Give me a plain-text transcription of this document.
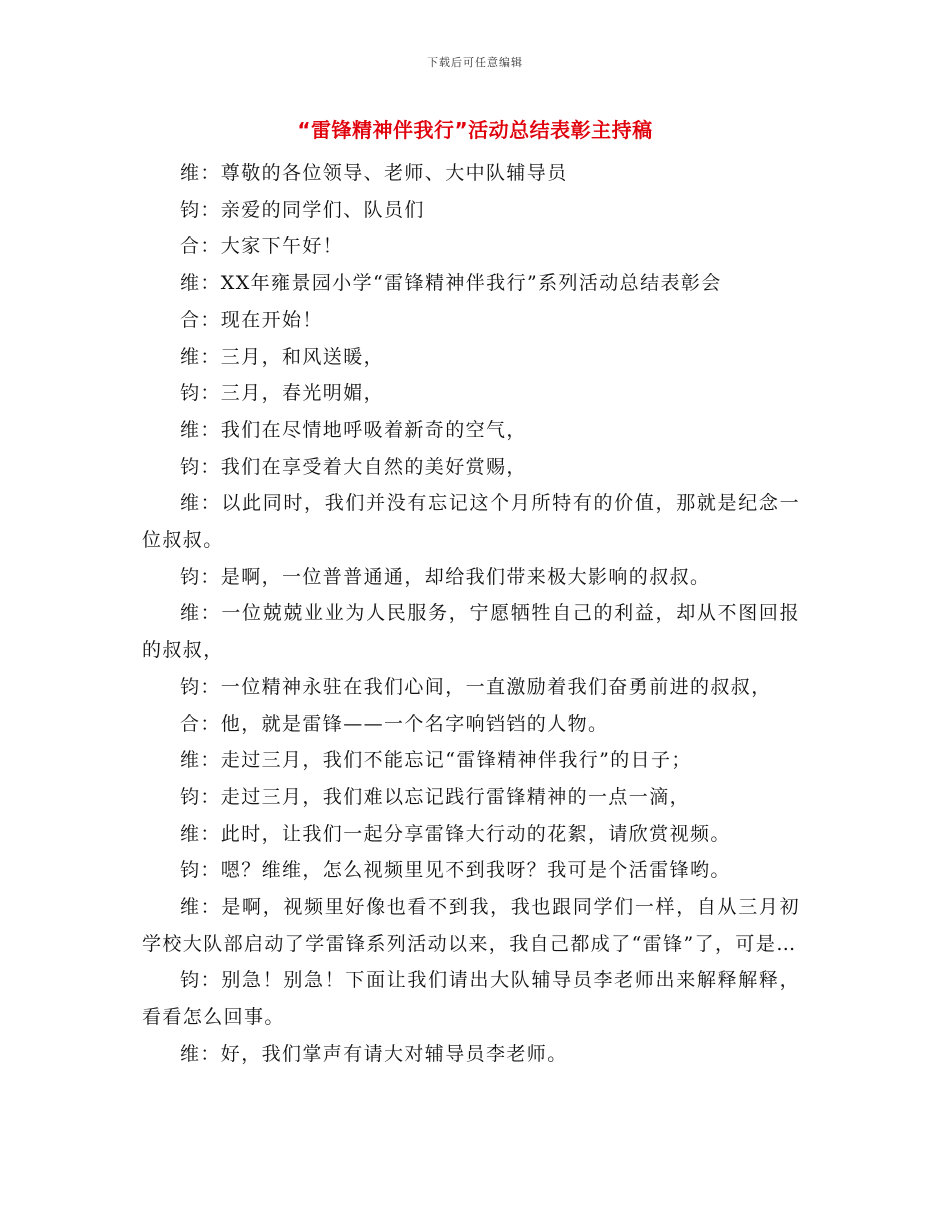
下载后可任意编辑
“雷锋精神伴我行”活动总结表彰主持稿

维：尊敬的各位领导、老师、大中队辅导员

钧：亲爱的同学们、队员们

合：大家下午好！

维：XX年雍景园小学“雷锋精神伴我行”系列活动总结表彰会

合：现在开始！

维：三月，和风送暖，

钧：三月，春光明媚，

维：我们在尽情地呼吸着新奇的空气，

钧：我们在享受着大自然的美好赏赐，

维：以此同时，我们并没有忘记这个月所特有的价值，那就是纪念一位叔叔。

钧：是啊，一位普普通通，却给我们带来极大影响的叔叔。

维：一位兢兢业业为人民服务，宁愿牺牲自己的利益，却从不图回报的叔叔，

钧：一位精神永驻在我们心间，一直激励着我们奋勇前进的叔叔，

合：他，就是雷锋——一个名字响铛铛的人物。

维：走过三月，我们不能忘记“雷锋精神伴我行”的日子；

钧：走过三月，我们难以忘记践行雷锋精神的一点一滴，

维：此时，让我们一起分享雷锋大行动的花絮，请欣赏视频。

钧：嗯？维维，怎么视频里见不到我呀？我可是个活雷锋哟。

维：是啊，视频里好像也看不到我，我也跟同学们一样，自从三月初学校大队部启动了学雷锋系列活动以来，我自己都成了“雷锋”了，可是…

钧：别急！别急！下面让我们请出大队辅导员李老师出来解释解释，看看怎么回事。

维：好，我们掌声有请大对辅导员李老师。
